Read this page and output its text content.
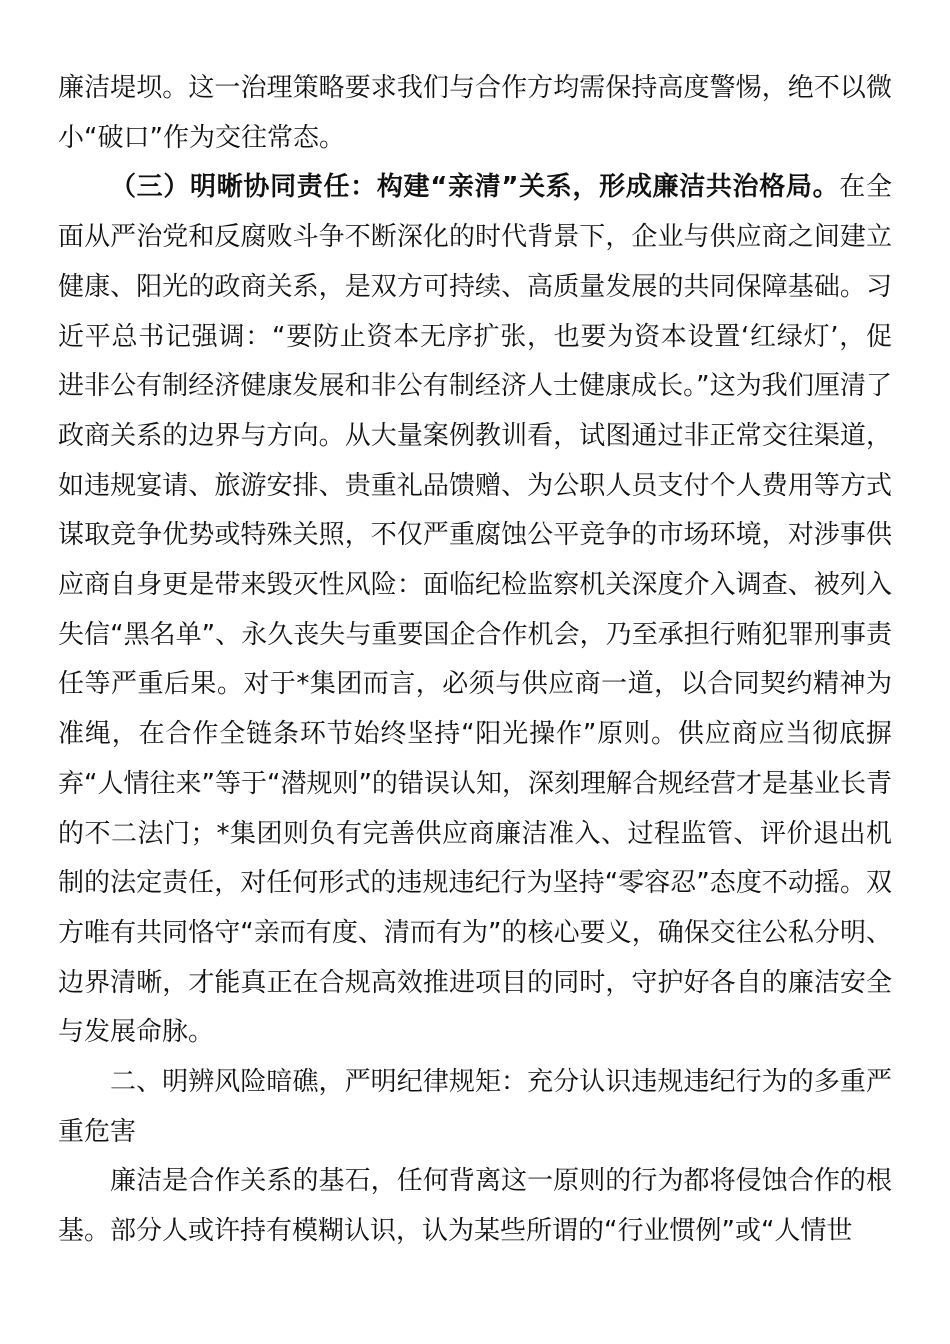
廉洁堤坝。这一治理策略要求我们与合作方均需保持高度警惕，绝不以微小“破口”作为交往常态。

（三）明晰协同责任：构建“亲清”关系，形成廉洁共治格局。在全面从严治党和反腐败斗争不断深化的时代背景下，企业与供应商之间建立健康、阳光的政商关系，是双方可持续、高质量发展的共同保障基础。习近平总书记强调：“要防止资本无序扩张，也要为资本设置‘红绿灯’，促进非公有制经济健康发展和非公有制经济人士健康成长。”这为我们厘清了政商关系的边界与方向。从大量案例教训看，试图通过非正常交往渠道，如违规宴请、旅游安排、贵重礼品馈赠、为公职人员支付个人费用等方式谋取竞争优势或特殊关照，不仅严重腐蚀公平竞争的市场环境，对涉事供应商自身更是带来毁灭性风险：面临纪检监察机关深度介入调查、被列入失信“黑名单”、永久丧失与重要国企合作机会，乃至承担行贿犯罪刑事责任等严重后果。对于*集团而言，必须与供应商一道，以合同契约精神为准绳，在合作全链条环节始终坚持“阳光操作”原则。供应商应当彻底摒弃“人情往来”等于“潜规则”的错误认知，深刻理解合规经营才是基业长青的不二法门；*集团则负有完善供应商廉洁准入、过程监管、评价退出机制的法定责任，对任何形式的违规违纪行为坚持“零容忍”态度不动摇。双方唯有共同恪守“亲而有度、清而有为”的核心要义，确保交往公私分明、边界清晰，才能真正在合规高效推进项目的同时，守护好各自的廉洁安全与发展命脉。

二、明辨风险暗礁，严明纪律规矩：充分认识违规违纪行为的多重严重危害

廉洁是合作关系的基石，任何背离这一原则的行为都将侵蚀合作的根基。部分人或许持有模糊认识，认为某些所谓的“行业惯例”或“人情世
